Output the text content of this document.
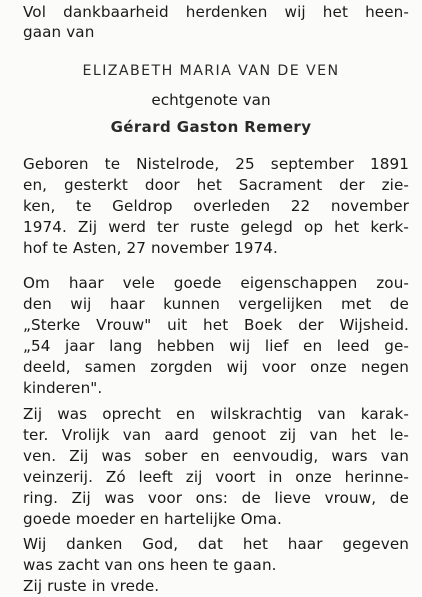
Vol dankbaarheid herdenken wij het heen-
gaan van
ELIZABETH MARIA VAN DE VEN
echtgenote van
Gérard Gaston Remery
Geboren te Nistelrode, 25 september 1891
en, gesterkt door het Sacrament der zie-
ken, te Geldrop overleden 22 november
1974. Zij werd ter ruste gelegd op het kerk-
hof te Asten, 27 november 1974.
Om haar vele goede eigenschappen zou-
den wij haar kunnen vergelijken met de
„Sterke Vrouw" uit het Boek der Wijsheid.
„54 jaar lang hebben wij lief en leed ge-
deeld, samen zorgden wij voor onze negen
kinderen".
Zij was oprecht en wilskrachtig van karak-
ter. Vrolijk van aard genoot zij van het le-
ven. Zij was sober en eenvoudig, wars van
veinzerij. Zó leeft zij voort in onze herinne-
ring. Zij was voor ons: de lieve vrouw, de
goede moeder en hartelijke Oma.
Wij danken God, dat het haar gegeven
was zacht van ons heen te gaan.
Zij ruste in vrede.
